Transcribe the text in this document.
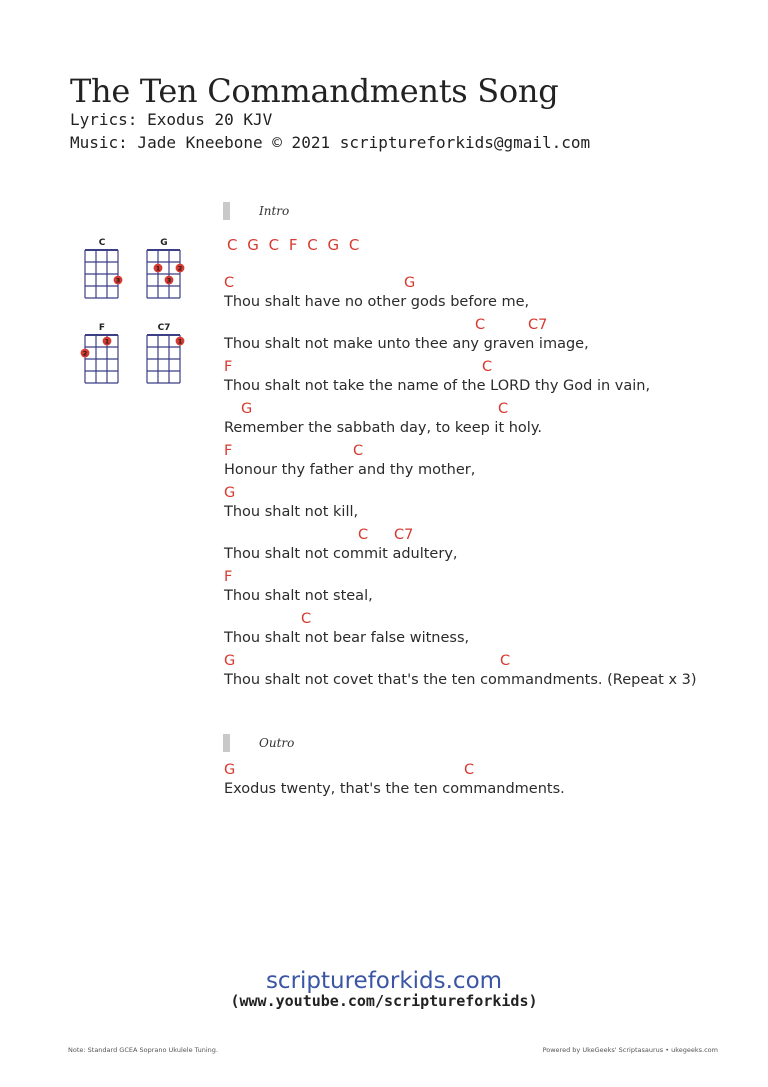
The Ten Commandments Song
Lyrics: Exodus 20 KJV
Music: Jade Kneebone © 2021 scriptureforkids@gmail.com
C
3
G
1	2
3
F
1
2
C7
1
Intro
C G C F C G C
C	G
Thou shalt have no other gods before me,
C	C7
Thou shalt not make unto thee any graven image,
F	C
Thou shalt not take the name of the LORD thy God in vain,
G	C
Remember the sabbath day, to keep it holy.
F	C
Honour thy father and thy mother,
G
Thou shalt not kill,
C C7
Thou shalt not commit adultery,
F
Thou shalt not steal,
C
Thou shalt not bear false witness,
G	C
Thou shalt not covet that's the ten commandments. (Repeat x 3)
Outro
G	C
Exodus twenty, that's the ten commandments.
scriptureforkids.com
(www.youtube.com/scriptureforkids)
Note: Standard GCEA Soprano Ukulele Tuning.	Powered by UkeGeeks' Scriptasaurus • ukegeeks.com
